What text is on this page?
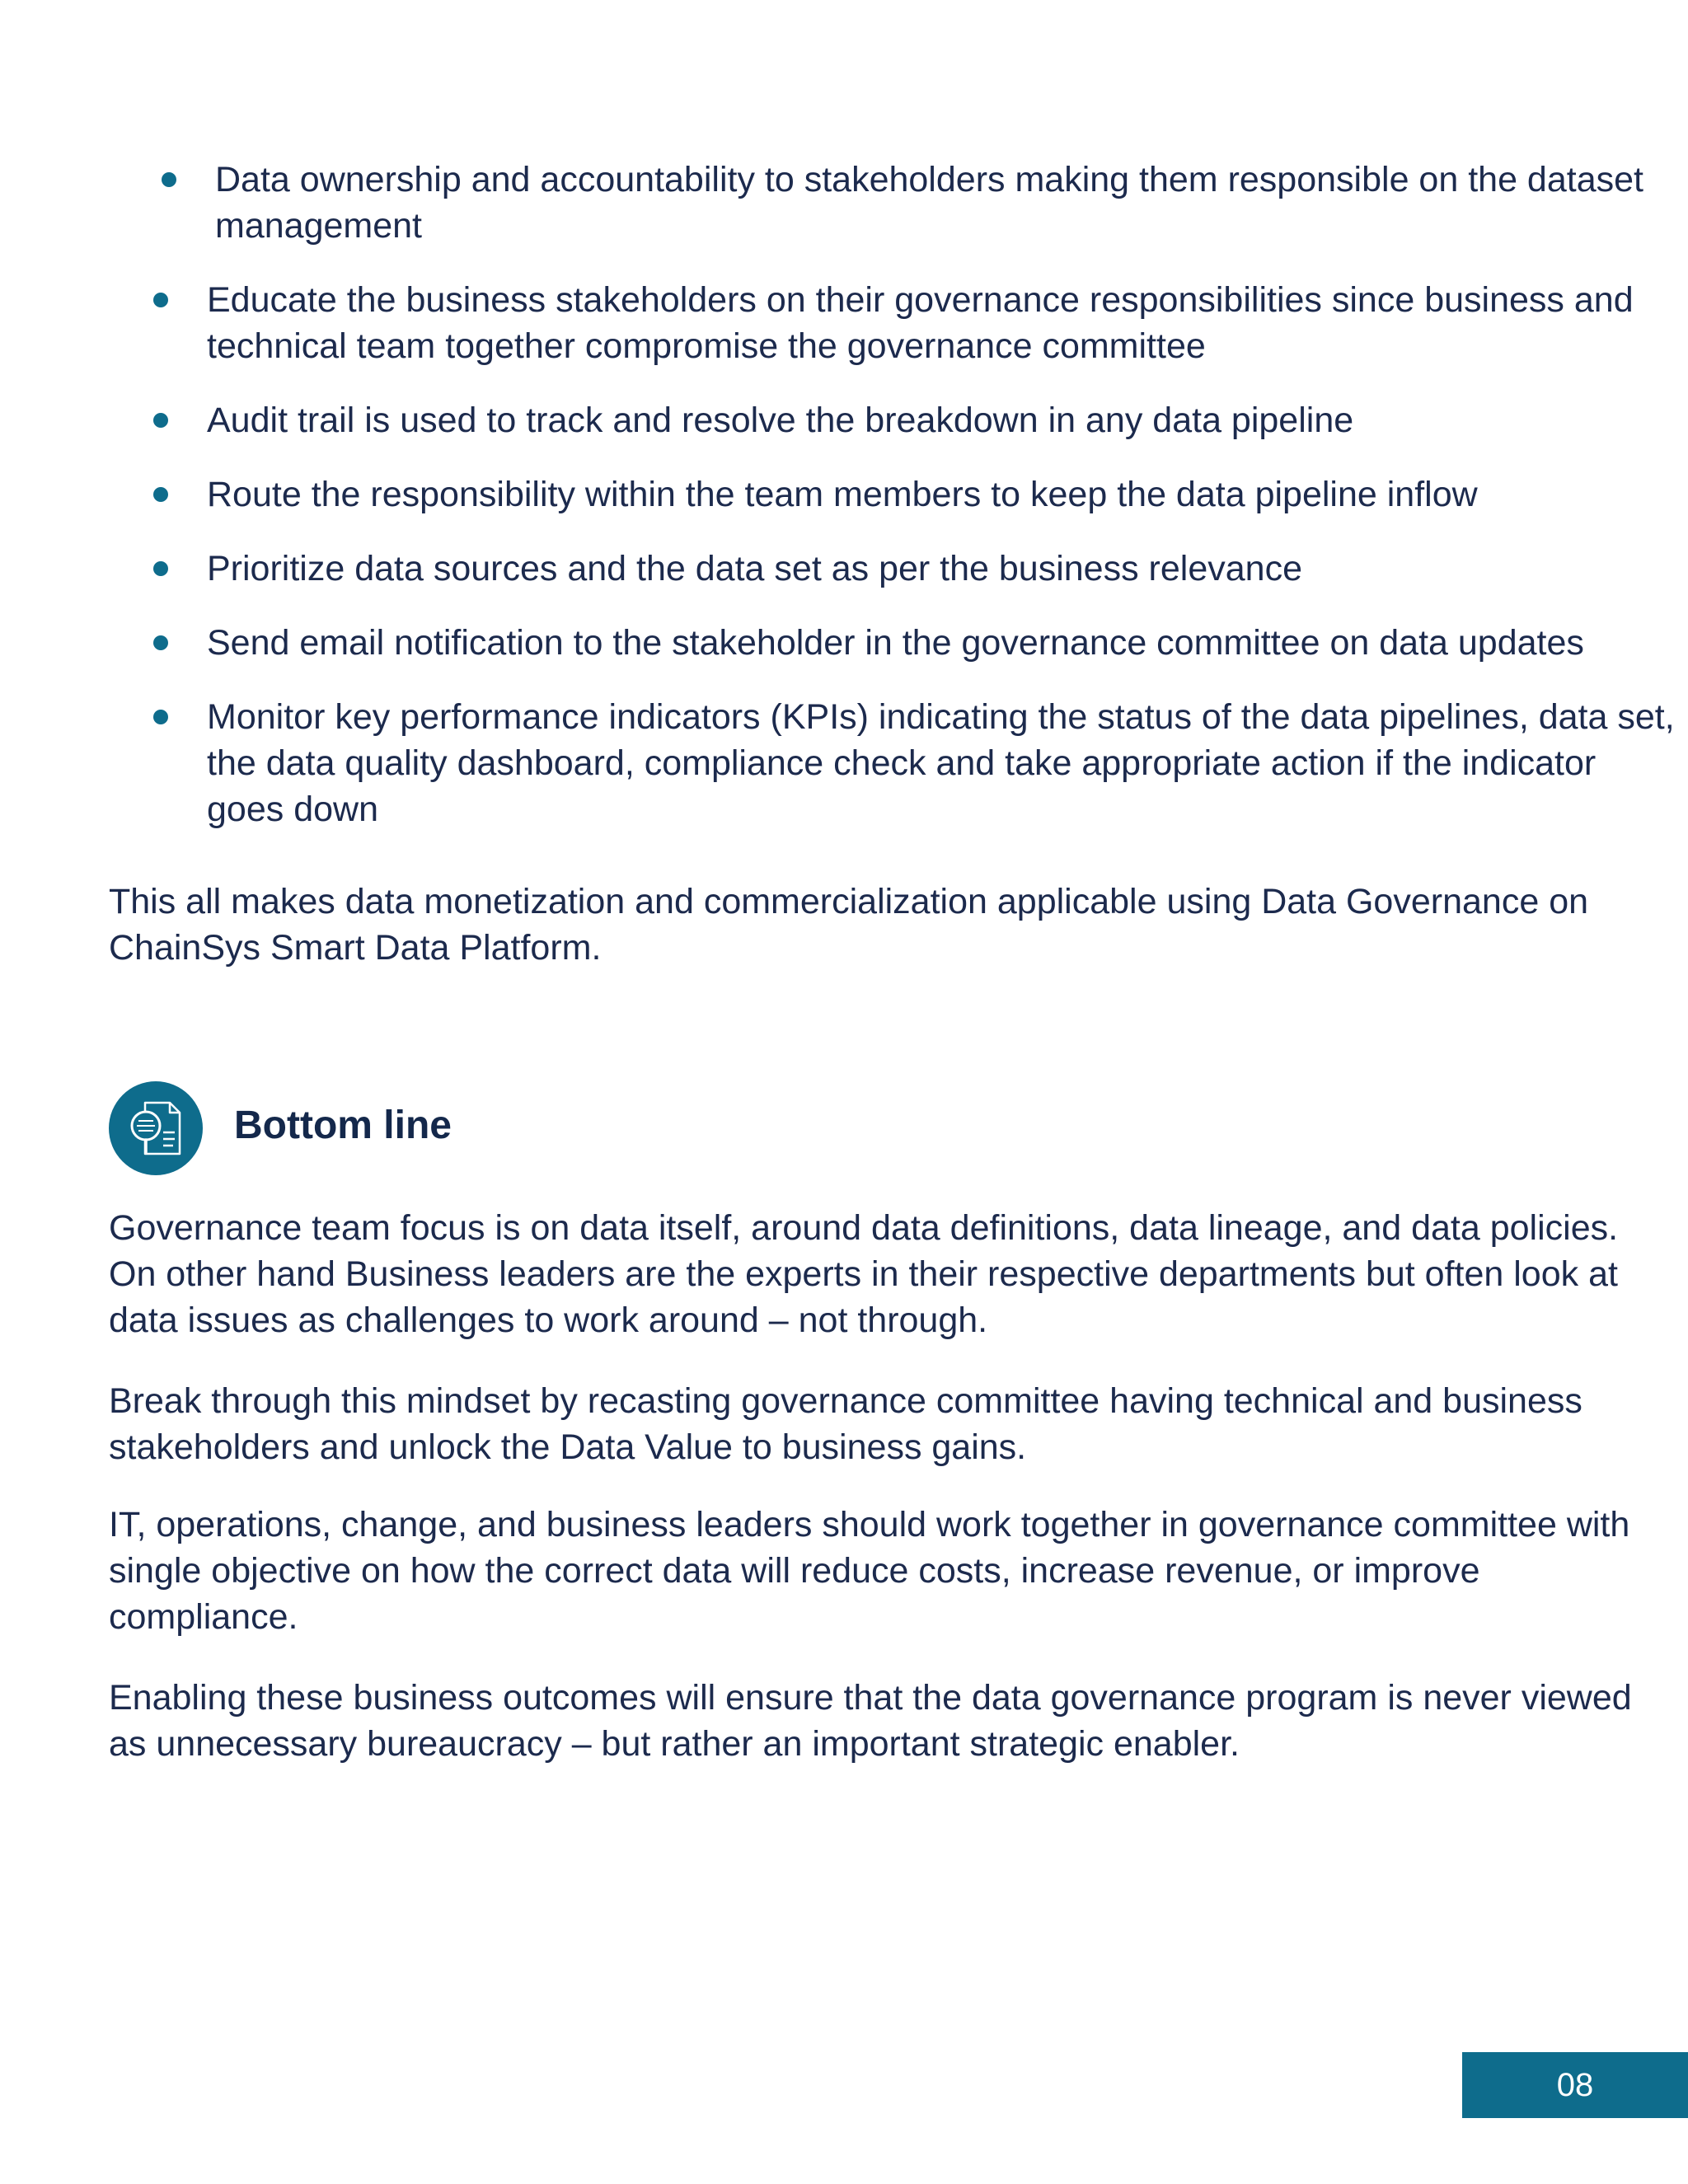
Data ownership and accountability to stakeholders making them responsible on the dataset management
Educate the business stakeholders on their governance responsibilities since business and technical team together compromise the governance committee
Audit trail is used to track and resolve the breakdown in any data pipeline
Route the responsibility within the team members to keep the data pipeline inflow
Prioritize data sources and the data set as per the business relevance
Send email notification to the stakeholder in the governance committee on data updates
Monitor key performance indicators (KPIs) indicating the status of the data pipelines, data set, the data quality dashboard, compliance check and take appropriate action if the indicator goes down

This all makes data monetization and commercialization applicable using Data Governance on ChainSys Smart Data Platform.

Bottom line

Governance team focus is on data itself, around data definitions, data lineage, and data policies. On other hand Business leaders are the experts in their respective departments but often look at data issues as challenges to work around – not through.

Break through this mindset by recasting governance committee having technical and business stakeholders and unlock the Data Value to business gains.

IT, operations, change, and business leaders should work together in governance committee with single objective on how the correct data will reduce costs, increase revenue, or improve compliance.

Enabling these business outcomes will ensure that the data governance program is never viewed as unnecessary bureaucracy – but rather an important strategic enabler.

08
